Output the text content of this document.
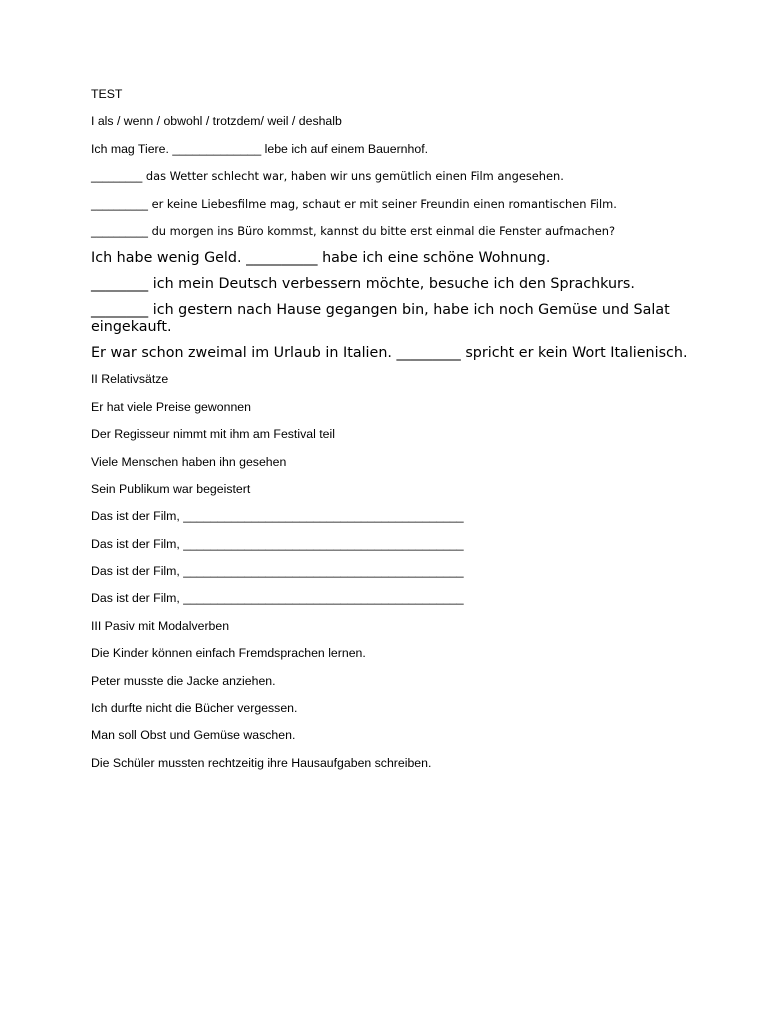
TEST

I als / wenn / obwohl / trotzdem/ weil / deshalb

Ich mag Tiere. _____________ lebe ich auf einem Bauernhof.

_________ das Wetter schlecht war, haben wir uns gemütlich einen Film angesehen.

__________ er keine Liebesfilme mag, schaut er mit seiner Freundin einen romantischen Film.

__________ du morgen ins Büro kommst, kannst du bitte erst einmal die Fenster aufmachen?

Ich habe wenig Geld. __________ habe ich eine schöne Wohnung.

________ ich mein Deutsch verbessern möchte, besuche ich den Sprachkurs.

________ ich gestern nach Hause gegangen bin, habe ich noch Gemüse und Salat eingekauft.

Er war schon zweimal im Urlaub in Italien. _________ spricht er kein Wort Italienisch.

II Relativsätze

Er hat viele Preise gewonnen

Der Regisseur nimmt mit ihm am Festival teil

Viele Menschen haben ihn gesehen

Sein Publikum war begeistert

Das ist der Film, _________________________________________

Das ist der Film, _________________________________________

Das ist der Film, _________________________________________

Das ist der Film, _________________________________________

III Pasiv mit Modalverben

Die Kinder können einfach Fremdsprachen lernen.

Peter musste die Jacke anziehen.

Ich durfte nicht die Bücher vergessen.

Man soll Obst und Gemüse waschen.

Die Schüler mussten rechtzeitig ihre Hausaufgaben schreiben.
